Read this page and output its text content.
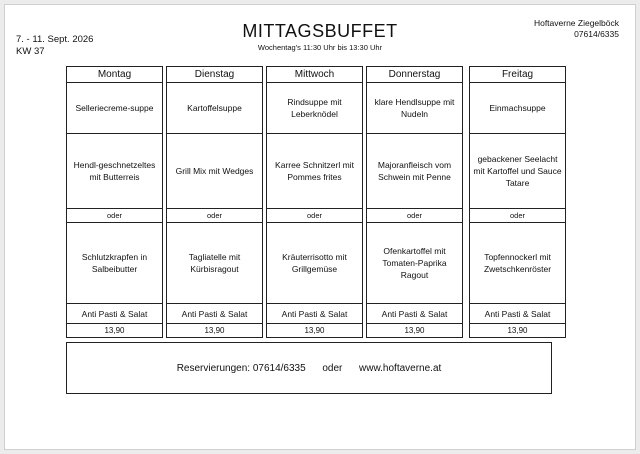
7. - 11. Sept. 2026
KW 37
MITTAGSBUFFET
Wochentag's 11:30 Uhr bis 13:30 Uhr
Hoftaverne Ziegelböck
07614/6335
Montag
Selleriecreme-suppe
Hendl-geschnetzeltes mit Butterreis
oder
Schlutzkrapfen in Salbeibutter
Anti Pasti & Salat
13,90
Dienstag
Kartoffelsuppe
Grill Mix mit Wedges
oder
Tagliatelle mit Kürbisragout
Anti Pasti & Salat
13,90
Mittwoch
Rindsuppe mit Leberknödel
Karree Schnitzerl mit Pommes frites
oder
Kräuterrisotto mit Grillgemüse
Anti Pasti & Salat
13,90
Donnerstag
klare Hendlsuppe mit Nudeln
Majoranfleisch vom Schwein mit Penne
oder
Ofenkartoffel mit Tomaten-Paprika Ragout
Anti Pasti & Salat
13,90
Freitag
Einmachsuppe
gebackener Seelacht mit Kartoffel und Sauce Tatare
oder
Topfennockerl mit Zwetschkenröster
Anti Pasti & Salat
13,90
Reservierungen: 07614/6335
oder
www.hoftaverne.at
